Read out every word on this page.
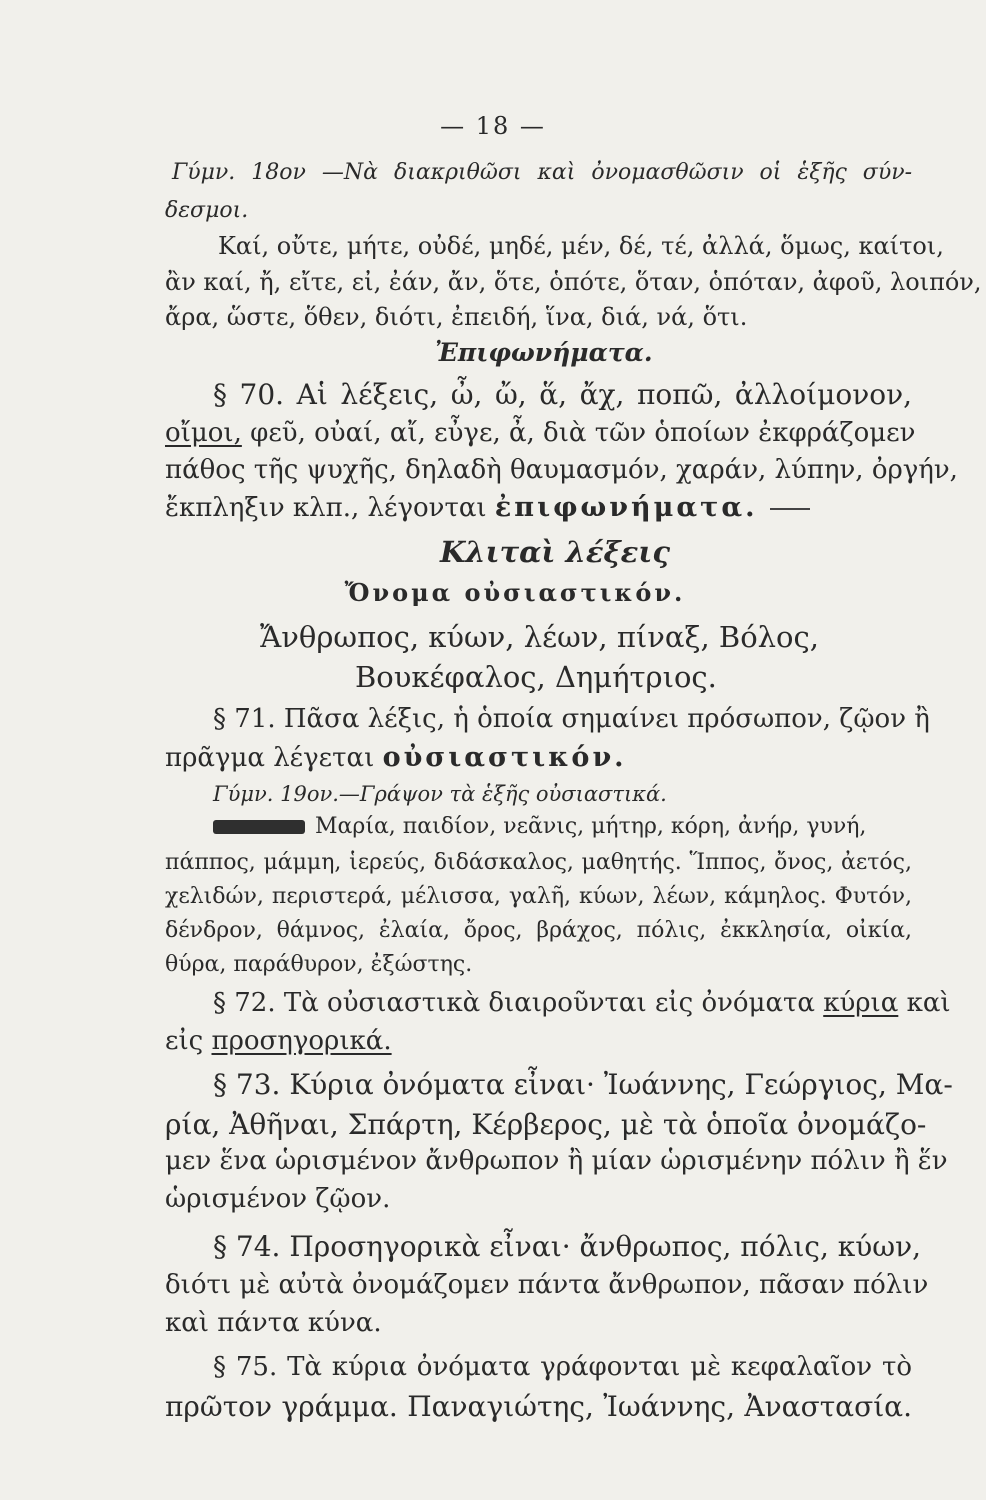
— 18 —
Γύμν. 18ον —Νὰ διακριθῶσι καὶ ὀνομασθῶσιν οἱ ἑξῆς σύν-
δεσμοι.
Καί, οὔτε, μήτε, οὐδέ, μηδέ, μέν, δέ, τέ, ἀλλά, ὅμως, καίτοι,
ἂν καί, ἤ, εἴτε, εἰ, ἐάν, ἄν, ὅτε, ὁπότε, ὅταν, ὁπόταν, ἀφοῦ, λοιπόν,
ἄρα, ὥστε, ὅθεν, διότι, ἐπειδή, ἵνα, διά, νά, ὅτι.
Ἐπιφωνήματα.
§ 70. Αἱ λέξεις, ὦ, ὤ, ἅ, ἄχ, ποπῶ, ἀλλοίμονον,
οἴμοι, φεῦ, οὐαί, αἴ, εὖγε, ἆ, διὰ τῶν ὁποίων ἐκφράζομεν
πάθος τῆς ψυχῆς, δηλαδὴ θαυμασμόν, χαράν, λύπην, ὀργήν,
ἔκπληξιν κλπ., λέγονται ἐπιφωνήματα.
Κλιταὶ λέξεις
Ὄνομα οὐσιαστικόν.
Ἄνθρωπος, κύων, λέων, πίναξ, Βόλος,
Βουκέφαλος, Δημήτριος.
§ 71. Πᾶσα λέξις, ἡ ὁποία σημαίνει πρόσωπον, ζῷον ἢ
πρᾶγμα λέγεται οὐσιαστικόν.
Γύμν. 19ον.—Γράψον τὰ ἑξῆς οὐσιαστικά.
Μαρία, παιδίον, νεᾶνις, μήτηρ, κόρη, ἀνήρ, γυνή,
πάππος, μάμμη, ἱερεύς, διδάσκαλος, μαθητής. Ἵππος, ὄνος, ἀετός,
χελιδών, περιστερά, μέλισσα, γαλῆ, κύων, λέων, κάμηλος. Φυτόν,
δένδρον, θάμνος, ἐλαία, ὄρος, βράχος, πόλις, ἐκκλησία, οἰκία,
θύρα, παράθυρον, ἐξώστης.
§ 72. Τὰ οὐσιαστικὰ διαιροῦνται εἰς ὀνόματα κύρια καὶ
εἰς προσηγορικά.
§ 73. Κύρια ὀνόματα εἶναι· Ἰωάννης, Γεώργιος, Μα-
ρία, Ἀθῆναι, Σπάρτη, Κέρβερος, μὲ τὰ ὁποῖα ὀνομάζο-
μεν ἕνα ὡρισμένον ἄνθρωπον ἢ μίαν ὡρισμένην πόλιν ἢ ἕν
ὡρισμένον ζῷον.
§ 74. Προσηγορικὰ εἶναι· ἄνθρωπος, πόλις, κύων,
διότι μὲ αὐτὰ ὀνομάζομεν πάντα ἄνθρωπον, πᾶσαν πόλιν
καὶ πάντα κύνα.
§ 75. Τὰ κύρια ὀνόματα γράφονται μὲ κεφαλαῖον τὸ
πρῶτον γράμμα. Παναγιώτης, Ἰωάννης, Ἀναστασία.
